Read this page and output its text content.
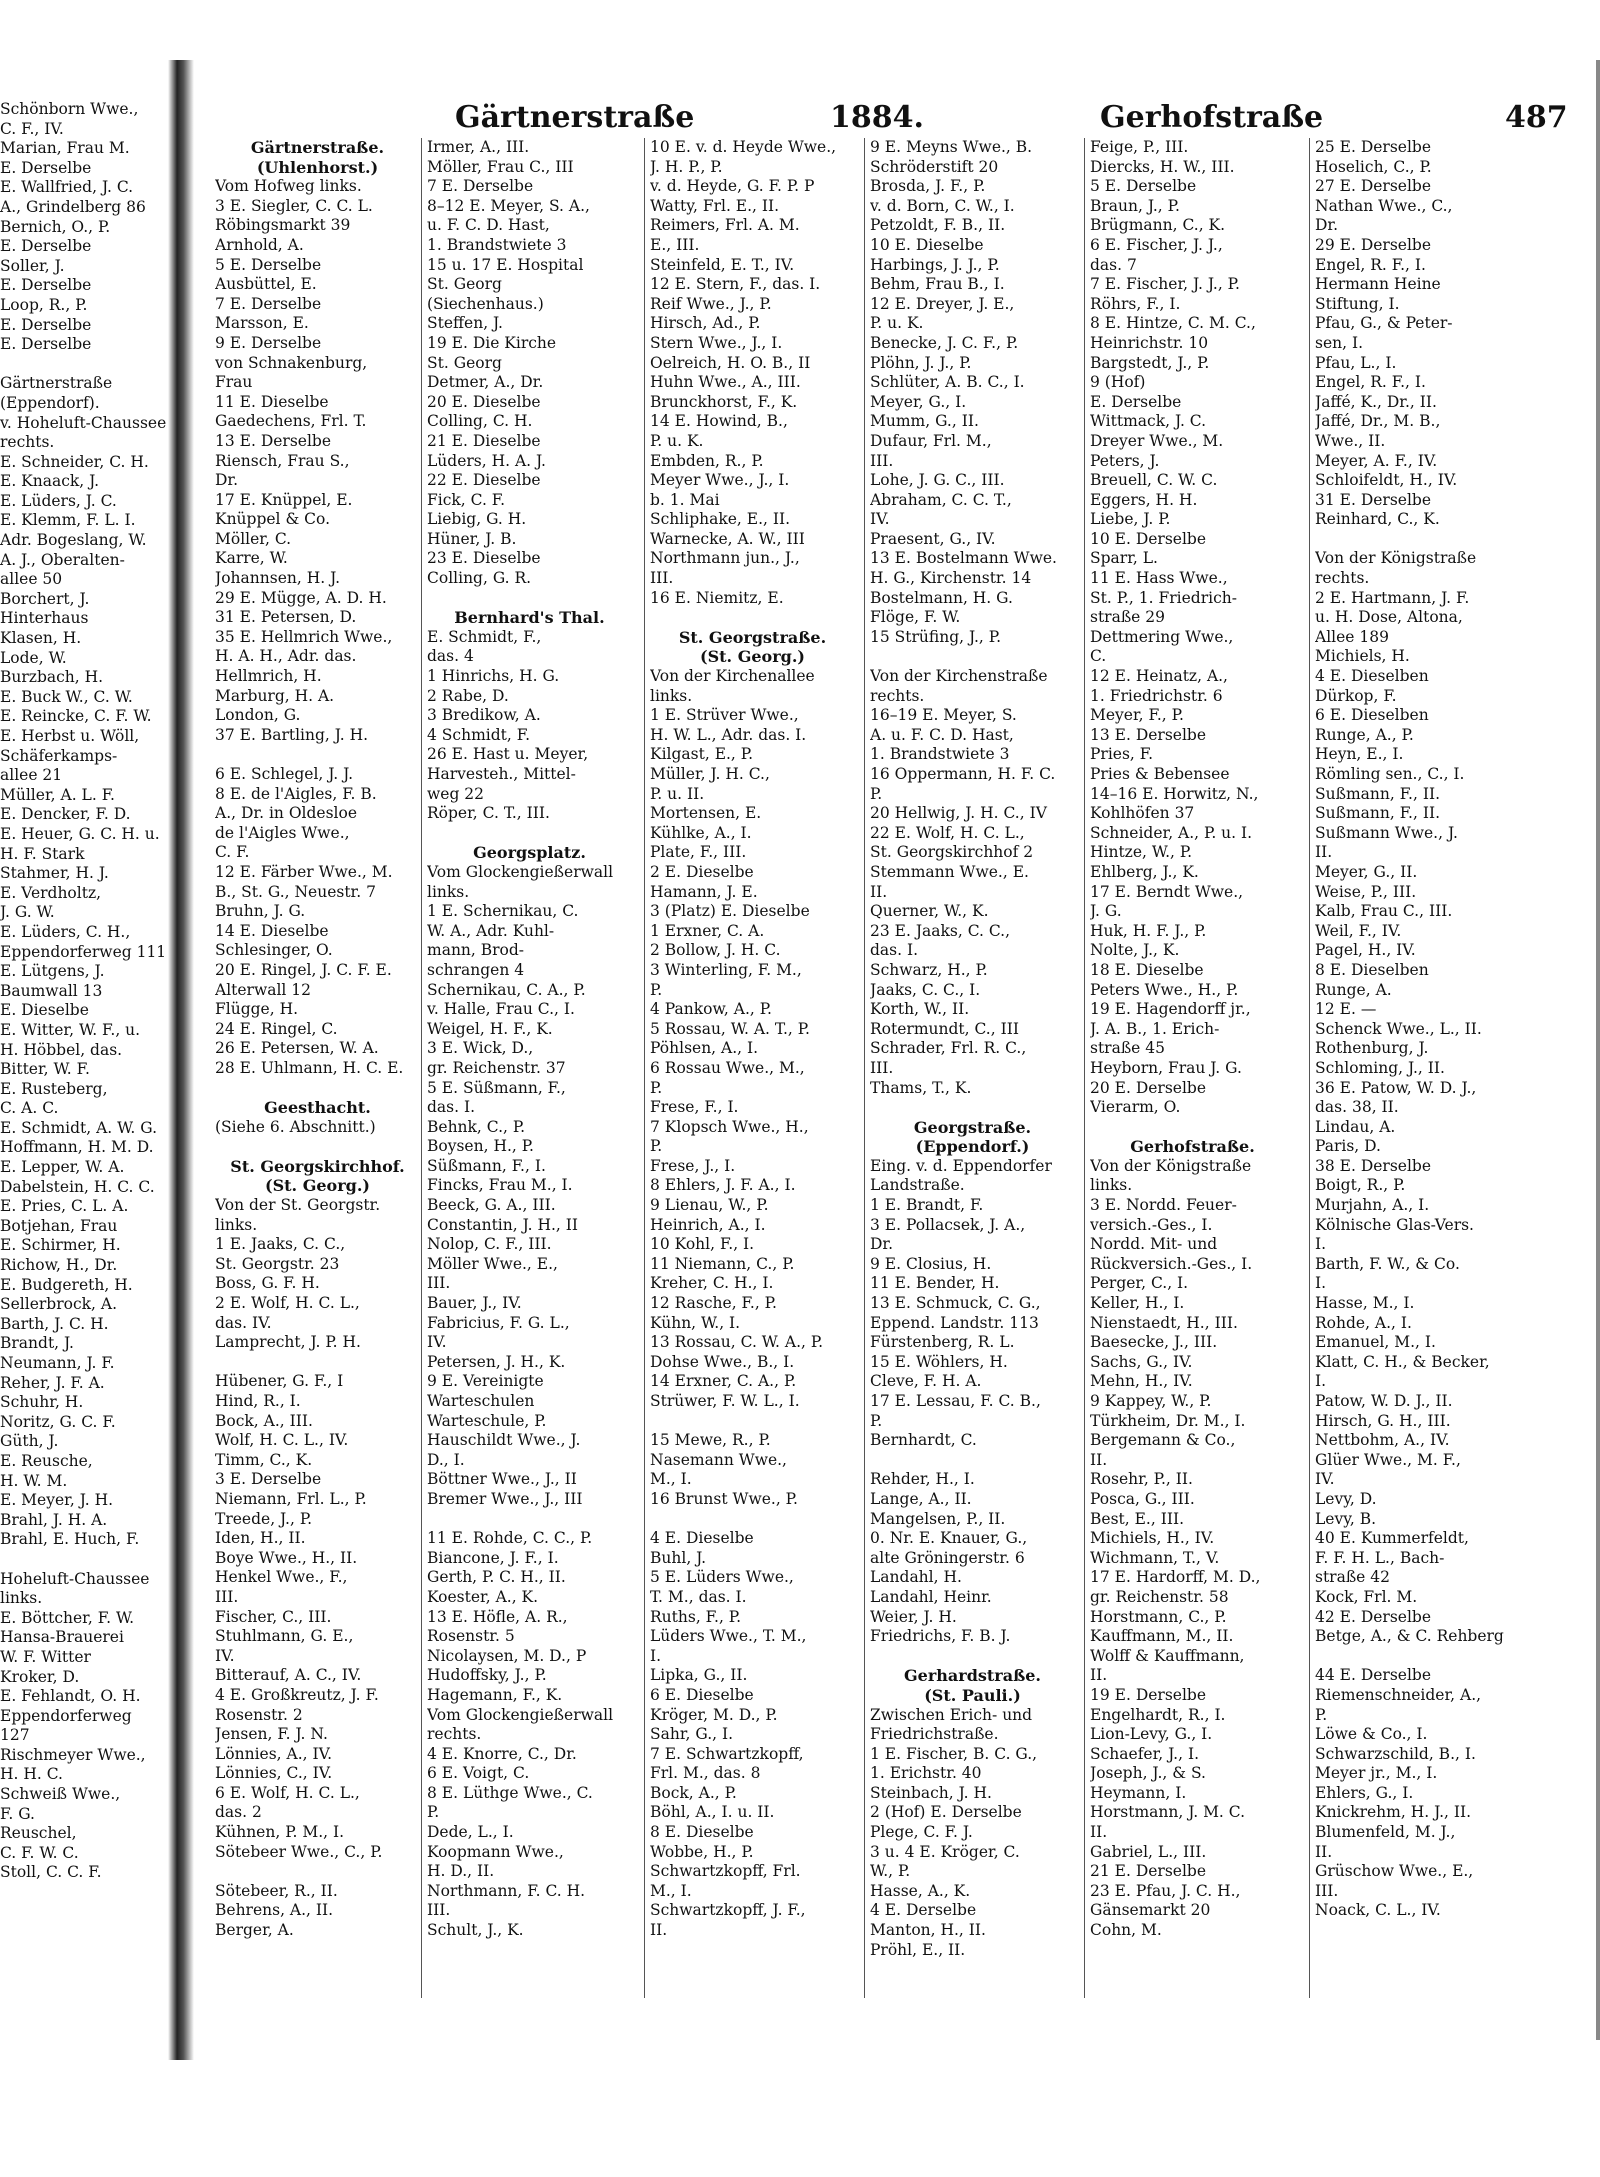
Schönborn Wwe.,
C. F., IV.
Marian, Frau M.
E. Derselbe
E. Wallfried, J. C.
A., Grindelberg 86
Bernich, O., P.
E. Derselbe
Soller, J.
E. Derselbe
Loop, R., P.
E. Derselbe
E. Derselbe

Gärtnerstraße
(Eppendorf).
v. Hoheluft-Chaussee
rechts.
E. Schneider, C. H.
E. Knaack, J.
E. Lüders, J. C.
E. Klemm, F. L. I.
Adr. Bogeslang, W.
A. J., Oberalten-
allee 50
Borchert, J.
Hinterhaus
Klasen, H.
Lode, W.
Burzbach, H.
E. Buck W., C. W.
E. Reincke, C. F. W.
E. Herbst u. Wöll,
Schäferkamps-
allee 21
Müller, A. L. F.
E. Dencker, F. D.
E. Heuer, G. C. H. u.
H. F. Stark
Stahmer, H. J.
E. Verdholtz,
J. G. W.
E. Lüders, C. H.,
Eppendorferweg 111
E. Lütgens, J.
Baumwall 13
E. Dieselbe
E. Witter, W. F., u.
H. Höbbel, das.
Bitter, W. F.
E. Rusteberg,
C. A. C.
E. Schmidt, A. W. G.
Hoffmann, H. M. D.
E. Lepper, W. A.
Dabelstein, H. C. C.
E. Pries, C. L. A.
Botjehan, Frau
E. Schirmer, H.
Richow, H., Dr.
E. Budgereth, H.
Sellerbrock, A.
Barth, J. C. H.
Brandt, J.
Neumann, J. F.
Reher, J. F. A.
Schuhr, H.
Noritz, G. C. F.
Güth, J.
E. Reusche,
H. W. M.
E. Meyer, J. H.
Brahl, J. H. A.
Brahl, E. Huch, F.

Hoheluft-Chaussee
links.
E. Böttcher, F. W.
Hansa-Brauerei
W. F. Witter
Kroker, D.
E. Fehlandt, O. H.
Eppendorferweg
127
Rischmeyer Wwe.,
H. H. C.
Schweiß Wwe.,
F. G.
Reuschel,
C. F. W. C.
Stoll, C. C. F.
Gärtnerstraße	1884.	Gerhofstraße	487
Gärtnerstraße.
(Uhlenhorst.)
Vom Hofweg links.
3 E. Siegler, C. C. L.
Röbingsmarkt 39
Arnhold, A.
5 E. Derselbe
Ausbüttel, E.
7 E. Derselbe
Marsson, E.
9 E. Derselbe
von Schnakenburg,
Frau
11 E. Dieselbe
Gaedechens, Frl. T.
13 E. Derselbe
Riensch, Frau S.,
Dr.
17 E. Knüppel, E.
Knüppel & Co.
Möller, C.
Karre, W.
Johannsen, H. J.
29 E. Mügge, A. D. H.
31 E. Petersen, D.
35 E. Hellmrich Wwe.,
H. A. H., Adr. das.
Hellmrich, H.
Marburg, H. A.
London, G.
37 E. Bartling, J. H.

6 E. Schlegel, J. J.
8 E. de l'Aigles, F. B.
A., Dr. in Oldesloe
de l'Aigles Wwe.,
C. F.
12 E. Färber Wwe., M.
B., St. G., Neuestr. 7
Bruhn, J. G.
14 E. Dieselbe
Schlesinger, O.
20 E. Ringel, J. C. F. E.
Alterwall 12
Flügge, H.
24 E. Ringel, C.
26 E. Petersen, W. A.
28 E. Uhlmann, H. C. E.

Geesthacht.
(Siehe 6. Abschnitt.)

St. Georgskirchhof.
(St. Georg.)
Von der St. Georgstr.
links.
1 E. Jaaks, C. C.,
St. Georgstr. 23
Boss, G. F. H.
2 E. Wolf, H. C. L.,
das. IV.
Lamprecht, J. P. H.

Hübener, G. F., I
Hind, R., I.
Bock, A., III.
Wolf, H. C. L., IV.
Timm, C., K.
3 E. Derselbe
Niemann, Frl. L., P.
Treede, J., P.
Iden, H., II.
Boye Wwe., H., II.
Henkel Wwe., F.,
III.
Fischer, C., III.
Stuhlmann, G. E.,
IV.
Bitterauf, A. C., IV.
4 E. Großkreutz, J. F.
Rosenstr. 2
Jensen, F. J. N.
Lönnies, A., IV.
Lönnies, C., IV.
6 E. Wolf, H. C. L.,
das. 2
Kühnen, P. M., I.
Sötebeer Wwe., C., P.

Sötebeer, R., II.
Behrens, A., II.
Berger, A.
Irmer, A., III.
Möller, Frau C., III
7 E. Derselbe
8–12 E. Meyer, S. A.,
u. F. C. D. Hast,
1. Brandstwiete 3
15 u. 17 E. Hospital
St. Georg
(Siechenhaus.)
Steffen, J.
19 E. Die Kirche
St. Georg
Detmer, A., Dr.
20 E. Dieselbe
Colling, C. H.
21 E. Dieselbe
Lüders, H. A. J.
22 E. Dieselbe
Fick, C. F.
Liebig, G. H.
Hüner, J. B.
23 E. Dieselbe
Colling, G. R.

Bernhard's Thal.
E. Schmidt, F.,
das. 4
1 Hinrichs, H. G.
2 Rabe, D.
3 Bredikow, A.
4 Schmidt, F.
26 E. Hast u. Meyer,
Harvesteh., Mittel-
weg 22
Röper, C. T., III.

Georgsplatz.
Vom Glockengießerwall
links.
1 E. Schernikau, C.
W. A., Adr. Kuhl-
mann, Brod-
schrangen 4
Schernikau, C. A., P.
v. Halle, Frau C., I.
Weigel, H. F., K.
3 E. Wick, D.,
gr. Reichenstr. 37
5 E. Süßmann, F.,
das. I.
Behnk, C., P.
Boysen, H., P.
Süßmann, F., I.
Fincks, Frau M., I.
Beeck, G. A., III.
Constantin, J. H., II
Nolop, C. F., III.
Möller Wwe., E.,
III.
Bauer, J., IV.
Fabricius, F. G. L.,
IV.
Petersen, J. H., K.
9 E. Vereinigte
Warteschulen
Warteschule, P.
Hauschildt Wwe., J.
D., I.
Böttner Wwe., J., II
Bremer Wwe., J., III

11 E. Rohde, C. C., P.
Biancone, J. F., I.
Gerth, P. C. H., II.
Koester, A., K.
13 E. Höfle, A. R.,
Rosenstr. 5
Nicolaysen, M. D., P
Hudoffsky, J., P.
Hagemann, F., K.
Vom Glockengießerwall
rechts.
4 E. Knorre, C., Dr.
6 E. Voigt, C.
8 E. Lüthge Wwe., C.
P.
Dede, L., I.
Koopmann Wwe.,
H. D., II.
Northmann, F. C. H.
III.
Schult, J., K.
10 E. v. d. Heyde Wwe.,
J. H. P., P.
v. d. Heyde, G. F. P. P
Watty, Frl. E., II.
Reimers, Frl. A. M.
E., III.
Steinfeld, E. T., IV.
12 E. Stern, F., das. I.
Reif Wwe., J., P.
Hirsch, Ad., P.
Stern Wwe., J., I.
Oelreich, H. O. B., II
Huhn Wwe., A., III.
Brunckhorst, F., K.
14 E. Howind, B.,
P. u. K.
Embden, R., P.
Meyer Wwe., J., I.
b. 1. Mai
Schliphake, E., II.
Warnecke, A. W., III
Northmann jun., J.,
III.
16 E. Niemitz, E.

St. Georgstraße.
(St. Georg.)
Von der Kirchenallee
links.
1 E. Strüver Wwe.,
H. W. L., Adr. das. I.
Kilgast, E., P.
Müller, J. H. C.,
P. u. II.
Mortensen, E.
Kühlke, A., I.
Plate, F., III.
2 E. Dieselbe
Hamann, J. E.
3 (Platz) E. Dieselbe
1 Erxner, C. A.
2 Bollow, J. H. C.
3 Winterling, F. M.,
P.
4 Pankow, A., P.
5 Rossau, W. A. T., P.
Pöhlsen, A., I.
6 Rossau Wwe., M.,
P.
Frese, F., I.
7 Klopsch Wwe., H.,
P.
Frese, J., I.
8 Ehlers, J. F. A., I.
9 Lienau, W., P.
Heinrich, A., I.
10 Kohl, F., I.
11 Niemann, C., P.
Kreher, C. H., I.
12 Rasche, F., P.
Kühn, W., I.
13 Rossau, C. W. A., P.
Dohse Wwe., B., I.
14 Erxner, C. A., P.
Strüwer, F. W. L., I.

15 Mewe, R., P.
Nasemann Wwe.,
M., I.
16 Brunst Wwe., P.

4 E. Dieselbe
Buhl, J.
5 E. Lüders Wwe.,
T. M., das. I.
Ruths, F., P.
Lüders Wwe., T. M.,
I.
Lipka, G., II.
6 E. Dieselbe
Kröger, M. D., P.
Sahr, G., I.
7 E. Schwartzkopff,
Frl. M., das. 8
Bock, A., P.
Böhl, A., I. u. II.
8 E. Dieselbe
Wobbe, H., P.
Schwartzkopff, Frl.
M., I.
Schwartzkopff, J. F.,
II.
9 E. Meyns Wwe., B.
Schröderstift 20
Brosda, J. F., P.
v. d. Born, C. W., I.
Petzoldt, F. B., II.
10 E. Dieselbe
Harbings, J. J., P.
Behm, Frau B., I.
12 E. Dreyer, J. E.,
P. u. K.
Benecke, J. C. F., P.
Plöhn, J. J., P.
Schlüter, A. B. C., I.
Meyer, G., I.
Mumm, G., II.
Dufaur, Frl. M.,
III.
Lohe, J. G. C., III.
Abraham, C. C. T.,
IV.
Praesent, G., IV.
13 E. Bostelmann Wwe.
H. G., Kirchenstr. 14
Bostelmann, H. G.
Flöge, F. W.
15 Strüfing, J., P.

Von der Kirchenstraße
rechts.
16–19 E. Meyer, S.
A. u. F. C. D. Hast,
1. Brandstwiete 3
16 Oppermann, H. F. C.
P.
20 Hellwig, J. H. C., IV
22 E. Wolf, H. C. L.,
St. Georgskirchhof 2
Stemmann Wwe., E.
II.
Querner, W., K.
23 E. Jaaks, C. C.,
das. I.
Schwarz, H., P.
Jaaks, C. C., I.
Korth, W., II.
Rotermundt, C., III
Schrader, Frl. R. C.,
III.
Thams, T., K.

Georgstraße.
(Eppendorf.)
Eing. v. d. Eppendorfer
Landstraße.
1 E. Brandt, F.
3 E. Pollacsek, J. A.,
Dr.
9 E. Closius, H.
11 E. Bender, H.
13 E. Schmuck, C. G.,
Eppend. Landstr. 113
Fürstenberg, R. L.
15 E. Wöhlers, H.
Cleve, F. H. A.
17 E. Lessau, F. C. B.,
P.
Bernhardt, C.

Rehder, H., I.
Lange, A., II.
Mangelsen, P., II.
0. Nr. E. Knauer, G.,
alte Gröningerstr. 6
Landahl, H.
Landahl, Heinr.
Weier, J. H.
Friedrichs, F. B. J.

Gerhardstraße.
(St. Pauli.)
Zwischen Erich- und
Friedrichstraße.
1 E. Fischer, B. C. G.,
1. Erichstr. 40
Steinbach, J. H.
2 (Hof) E. Derselbe
Plege, C. F. J.
3 u. 4 E. Kröger, C.
W., P.
Hasse, A., K.
4 E. Derselbe
Manton, H., II.
Pröhl, E., II.
Feige, P., III.
Diercks, H. W., III.
5 E. Derselbe
Braun, J., P.
Brügmann, C., K.
6 E. Fischer, J. J.,
das. 7
7 E. Fischer, J. J., P.
Röhrs, F., I.
8 E. Hintze, C. M. C.,
Heinrichstr. 10
Bargstedt, J., P.
9 (Hof)
E. Derselbe
Wittmack, J. C.
Dreyer Wwe., M.
Peters, J.
Breuell, C. W. C.
Eggers, H. H.
Liebe, J. P.
10 E. Derselbe
Sparr, L.
11 E. Hass Wwe.,
St. P., 1. Friedrich-
straße 29
Dettmering Wwe.,
C.
12 E. Heinatz, A.,
1. Friedrichstr. 6
Meyer, F., P.
13 E. Derselbe
Pries, F.
Pries & Bebensee
14–16 E. Horwitz, N.,
Kohlhöfen 37
Schneider, A., P. u. I.
Hintze, W., P.
Ehlberg, J., K.
17 E. Berndt Wwe.,
J. G.
Huk, H. F. J., P.
Nolte, J., K.
18 E. Dieselbe
Peters Wwe., H., P.
19 E. Hagendorff jr.,
J. A. B., 1. Erich-
straße 45
Heyborn, Frau J. G.
20 E. Derselbe
Vierarm, O.

Gerhofstraße.
Von der Königstraße
links.
3 E. Nordd. Feuer-
versich.-Ges., I.
Nordd. Mit- und
Rückversich.-Ges., I.
Perger, C., I.
Keller, H., I.
Nienstaedt, H., III.
Baesecke, J., III.
Sachs, G., IV.
Mehn, H., IV.
9 Kappey, W., P.
Türkheim, Dr. M., I.
Bergemann & Co.,
II.
Rosehr, P., II.
Posca, G., III.
Best, E., III.
Michiels, H., IV.
Wichmann, T., V.
17 E. Hardorff, M. D.,
gr. Reichenstr. 58
Horstmann, C., P.
Kauffmann, M., II.
Wolff & Kauffmann,
II.
19 E. Derselbe
Engelhardt, R., I.
Lion-Levy, G., I.
Schaefer, J., I.
Joseph, J., & S.
Heymann, I.
Horstmann, J. M. C.
II.
Gabriel, L., III.
21 E. Derselbe
23 E. Pfau, J. C. H.,
Gänsemarkt 20
Cohn, M.
25 E. Derselbe
Hoselich, C., P.
27 E. Derselbe
Nathan Wwe., C.,
Dr.
29 E. Derselbe
Engel, R. F., I.
Hermann Heine
Stiftung, I.
Pfau, G., & Peter-
sen, I.
Pfau, L., I.
Engel, R. F., I.
Jaffé, K., Dr., II.
Jaffé, Dr., M. B.,
Wwe., II.
Meyer, A. F., IV.
Schloifeldt, H., IV.
31 E. Derselbe
Reinhard, C., K.

Von der Königstraße
rechts.
2 E. Hartmann, J. F.
u. H. Dose, Altona,
Allee 189
Michiels, H.
4 E. Dieselben
Dürkop, F.
6 E. Dieselben
Runge, A., P.
Heyn, E., I.
Römling sen., C., I.
Sußmann, F., II.
Sußmann, F., II.
Sußmann Wwe., J.
II.
Meyer, G., II.
Weise, P., III.
Kalb, Frau C., III.
Weil, F., IV.
Pagel, H., IV.
8 E. Dieselben
Runge, A.
12 E. —
Schenck Wwe., L., II.
Rothenburg, J.
Schloming, J., II.
36 E. Patow, W. D. J.,
das. 38, II.
Lindau, A.
Paris, D.
38 E. Derselbe
Boigt, R., P.
Murjahn, A., I.
Kölnische Glas-Vers.
I.
Barth, F. W., & Co.
I.
Hasse, M., I.
Rohde, A., I.
Emanuel, M., I.
Klatt, C. H., & Becker,
I.
Patow, W. D. J., II.
Hirsch, G. H., III.
Nettbohm, A., IV.
Glüer Wwe., M. F.,
IV.
Levy, D.
Levy, B.
40 E. Kummerfeldt,
F. F. H. L., Bach-
straße 42
Kock, Frl. M.
42 E. Derselbe
Betge, A., & C. Rehberg

44 E. Derselbe
Riemenschneider, A.,
P.
Löwe & Co., I.
Schwarzschild, B., I.
Meyer jr., M., I.
Ehlers, G., I.
Knickrehm, H. J., II.
Blumenfeld, M. J.,
II.
Grüschow Wwe., E.,
III.
Noack, C. L., IV.
